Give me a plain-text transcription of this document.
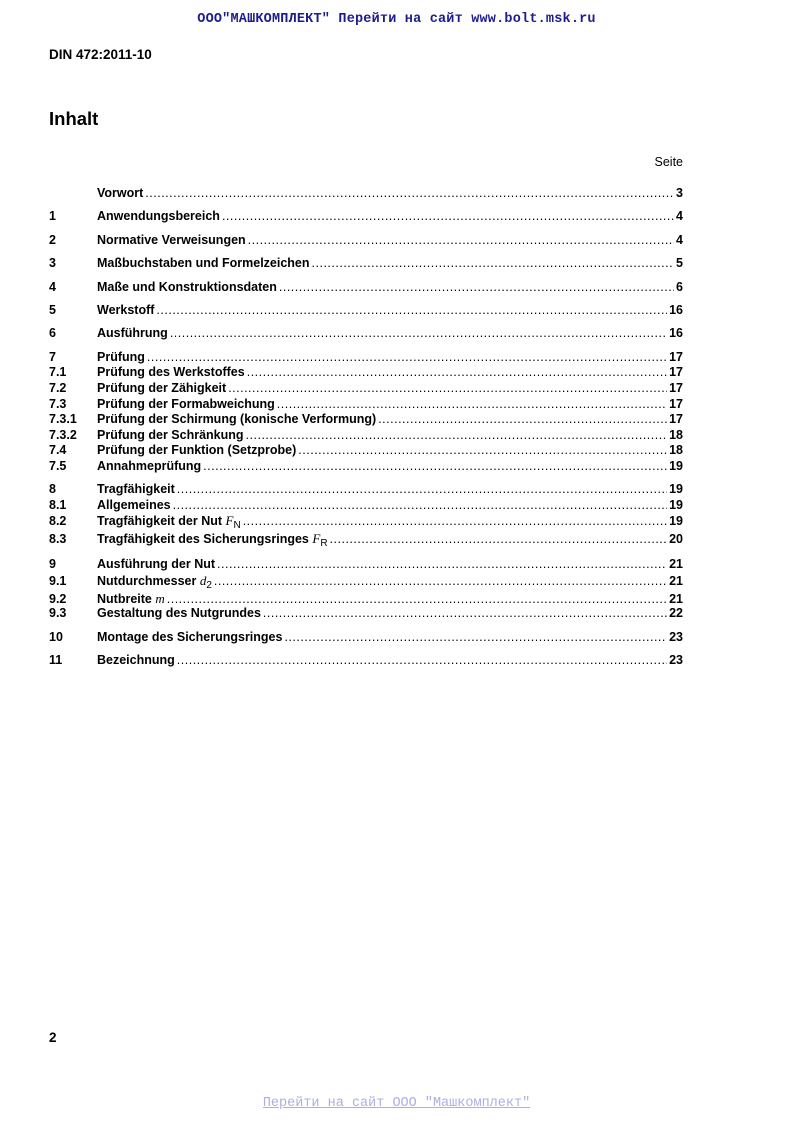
ООО"МАШКОМПЛЕКТ" Перейти на сайт www.bolt.msk.ru
DIN 472:2011-10
Inhalt
Seite
Vorwort .....	3
1	Anwendungsbereich .....	4
2	Normative Verweisungen .....	4
3	Maßbuchstaben und Formelzeichen .....	5
4	Maße und Konstruktionsdaten .....	6
5	Werkstoff .....	16
6	Ausführung .....	16
7	Prüfung .....	17
7.1	Prüfung des Werkstoffes .....	17
7.2	Prüfung der Zähigkeit .....	17
7.3	Prüfung der Formabweichung .....	17
7.3.1	Prüfung der Schirmung (konische Verformung) .....	17
7.3.2	Prüfung der Schränkung .....	18
7.4	Prüfung der Funktion (Setzprobe) .....	18
7.5	Annahmeprüfung .....	19
8	Tragfähigkeit .....	19
8.1	Allgemeines .....	19
8.2	Tragfähigkeit der Nut $F_N$ .....	19
8.3	Tragfähigkeit des Sicherungsringes $F_R$ .....	20
9	Ausführung der Nut .....	21
9.1	Nutdurchmesser $d_2$ .....	21
9.2	Nutbreite m .....	21
9.3	Gestaltung des Nutgrundes .....	22
10	Montage des Sicherungsringes .....	23
11	Bezeichnung .....	23
2
Перейти на сайт ООО "Машкомплект"
